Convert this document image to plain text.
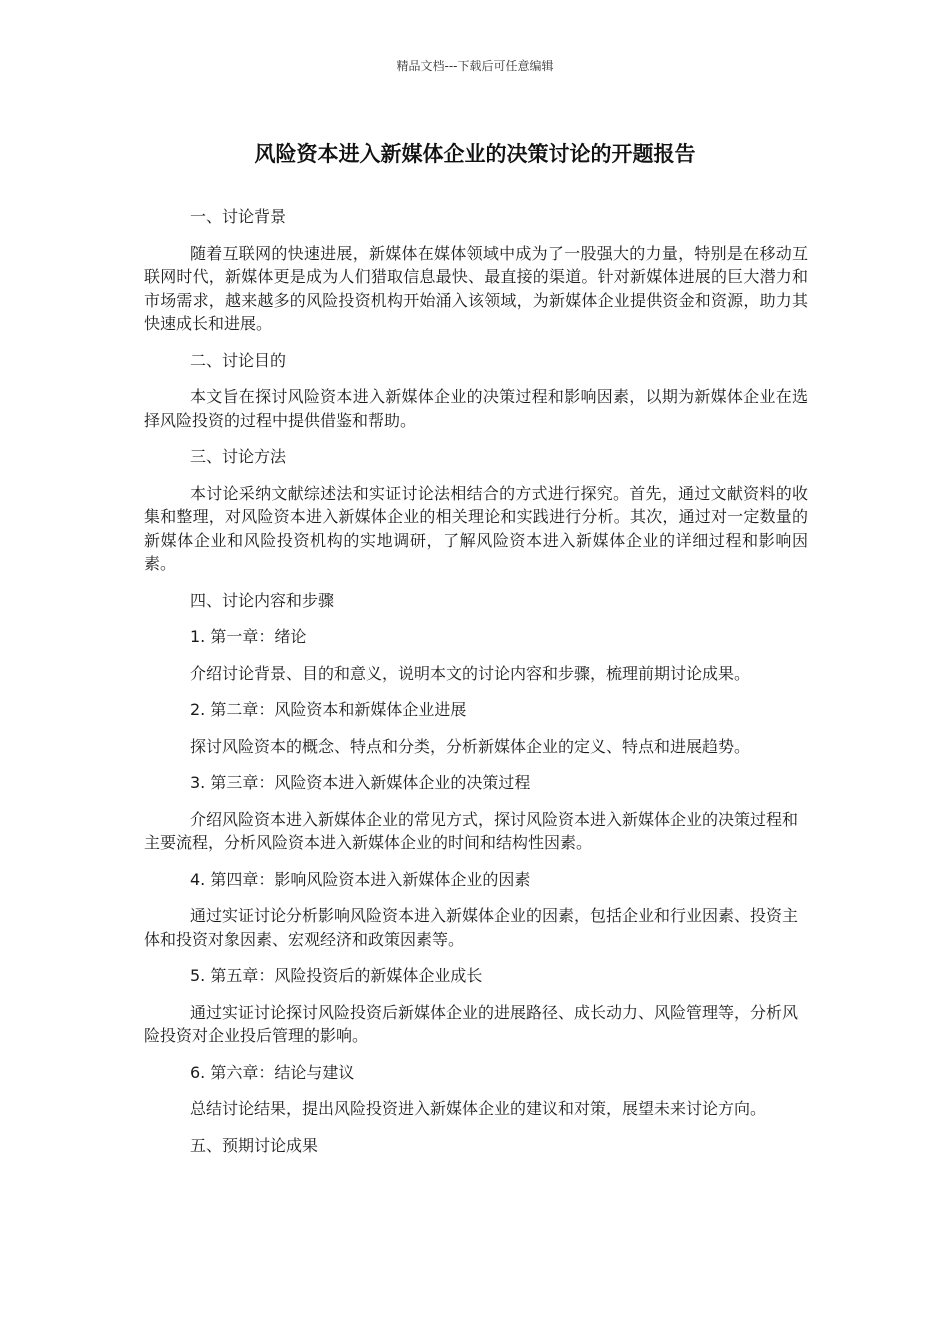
精品文档---下载后可任意编辑
风险资本进入新媒体企业的决策讨论的开题报告
一、讨论背景
随着互联网的快速进展，新媒体在媒体领域中成为了一股强大的力量，特别是在移动互联网时代，新媒体更是成为人们猎取信息最快、最直接的渠道。针对新媒体进展的巨大潜力和市场需求，越来越多的风险投资机构开始涌入该领域，为新媒体企业提供资金和资源，助力其快速成长和进展。
二、讨论目的
本文旨在探讨风险资本进入新媒体企业的决策过程和影响因素，以期为新媒体企业在选择风险投资的过程中提供借鉴和帮助。
三、讨论方法
本讨论采纳文献综述法和实证讨论法相结合的方式进行探究。首先，通过文献资料的收集和整理，对风险资本进入新媒体企业的相关理论和实践进行分析。其次，通过对一定数量的新媒体企业和风险投资机构的实地调研，了解风险资本进入新媒体企业的详细过程和影响因素。
四、讨论内容和步骤
1. 第一章：绪论
介绍讨论背景、目的和意义，说明本文的讨论内容和步骤，梳理前期讨论成果。
2. 第二章：风险资本和新媒体企业进展
探讨风险资本的概念、特点和分类，分析新媒体企业的定义、特点和进展趋势。
3. 第三章：风险资本进入新媒体企业的决策过程
介绍风险资本进入新媒体企业的常见方式，探讨风险资本进入新媒体企业的决策过程和主要流程，分析风险资本进入新媒体企业的时间和结构性因素。
4. 第四章：影响风险资本进入新媒体企业的因素
通过实证讨论分析影响风险资本进入新媒体企业的因素，包括企业和行业因素、投资主体和投资对象因素、宏观经济和政策因素等。
5. 第五章：风险投资后的新媒体企业成长
通过实证讨论探讨风险投资后新媒体企业的进展路径、成长动力、风险管理等，分析风险投资对企业投后管理的影响。
6. 第六章：结论与建议
总结讨论结果，提出风险投资进入新媒体企业的建议和对策，展望未来讨论方向。
五、预期讨论成果
